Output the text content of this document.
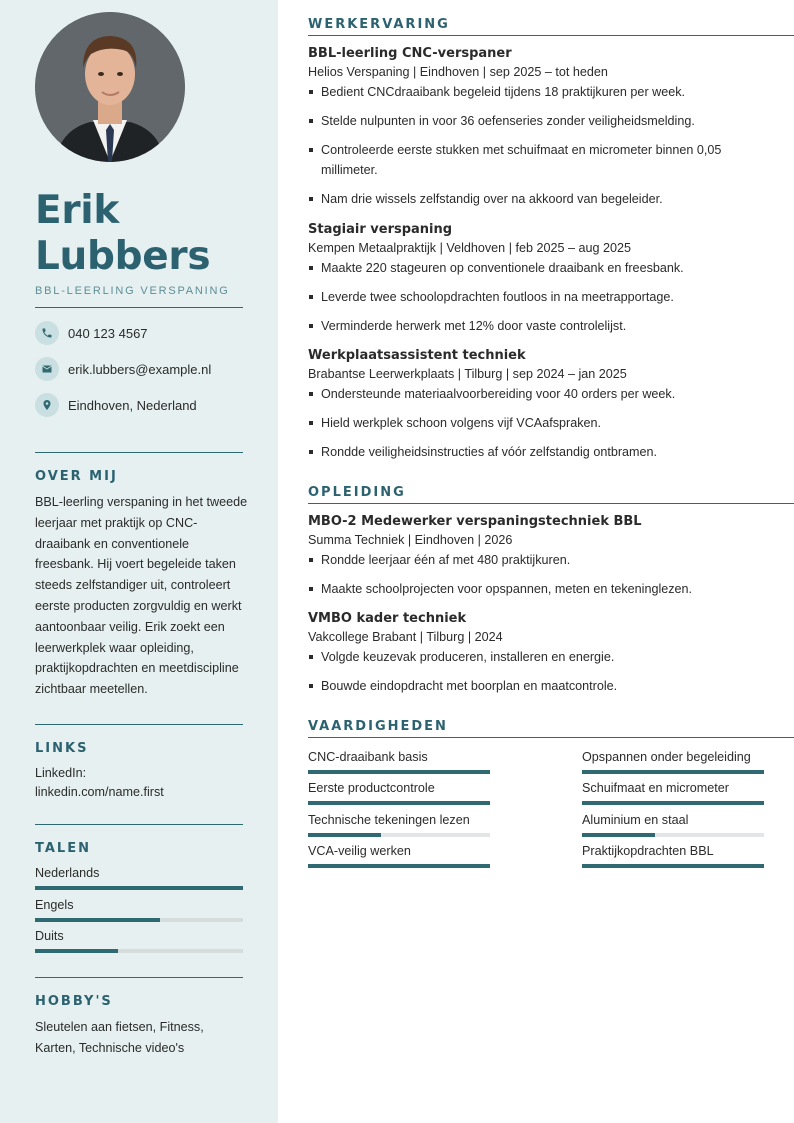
Erik
Lubbers
BBL-LEERLING VERSPANING
040 123 4567
erik.lubbers@example.nl
Eindhoven, Nederland
OVER MIJ
BBL-leerling verspaning in het tweede leerjaar met praktijk op CNC-draaibank en conventionele freesbank. Hij voert begeleide taken steeds zelfstandiger uit, controleert eerste producten zorgvuldig en werkt aantoonbaar veilig. Erik zoekt een leerwerkplek waar opleiding, praktijkopdrachten en meetdiscipline zichtbaar meetellen.
LINKS
LinkedIn:
linkedin.com/name.first
TALEN
Nederlands
Engels
Duits
HOBBY'S
Sleutelen aan fietsen, Fitness, Karten, Technische video's
WERKERVARING
BBL-leerling CNC-verspaner
Helios Verspaning | Eindhoven | sep 2025 – tot heden
Bedient CNCdraaibank begeleid tijdens 18 praktijkuren per week.
Stelde nulpunten in voor 36 oefenseries zonder veiligheidsmelding.
Controleerde eerste stukken met schuifmaat en micrometer binnen 0,05 millimeter.
Nam drie wissels zelfstandig over na akkoord van begeleider.
Stagiair verspaning
Kempen Metaalpraktijk | Veldhoven | feb 2025 – aug 2025
Maakte 220 stageuren op conventionele draaibank en freesbank.
Leverde twee schoolopdrachten foutloos in na meetrapportage.
Verminderde herwerk met 12% door vaste controlelijst.
Werkplaatsassistent techniek
Brabantse Leerwerkplaats | Tilburg | sep 2024 – jan 2025
Ondersteunde materiaalvoorbereiding voor 40 orders per week.
Hield werkplek schoon volgens vijf VCAafspraken.
Rondde veiligheidsinstructies af vóór zelfstandig ontbramen.
OPLEIDING
MBO-2 Medewerker verspaningstechniek BBL
Summa Techniek | Eindhoven | 2026
Rondde leerjaar één af met 480 praktijkuren.
Maakte schoolprojecten voor opspannen, meten en tekeninglezen.
VMBO kader techniek
Vakcollege Brabant | Tilburg | 2024
Volgde keuzevak produceren, installeren en energie.
Bouwde eindopdracht met boorplan en maatcontrole.
VAARDIGHEDEN
CNC-draaibank basis	Opspannen onder begeleiding
Eerste productcontrole	Schuifmaat en micrometer
Technische tekeningen lezen	Aluminium en staal
VCA-veilig werken	Praktijkopdrachten BBL
